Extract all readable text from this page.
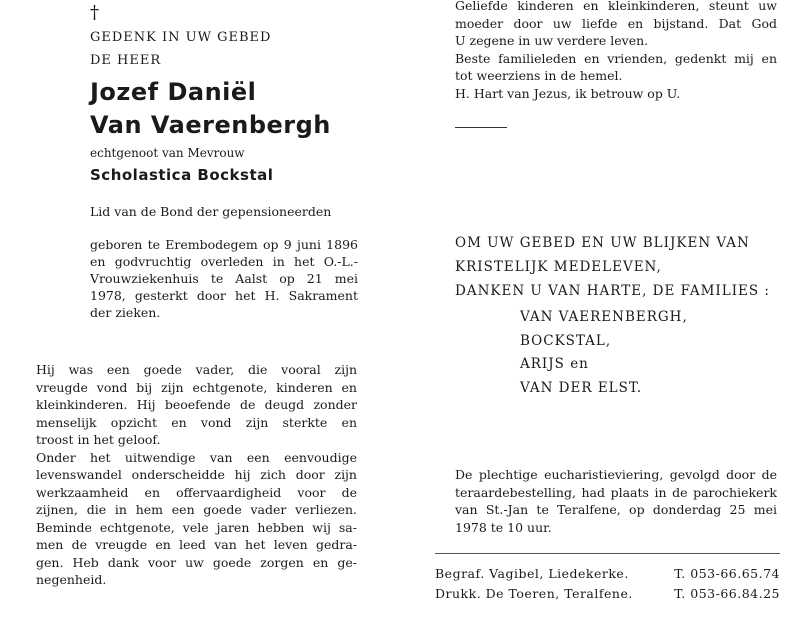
†
GEDENK IN UW GEBED
DE HEER
Jozef Daniël
Van Vaerenbergh
echtgenoot van Mevrouw
Scholastica Bockstal
Lid van de Bond der gepensioneerden
geboren te Erembodegem op 9 juni 1896
en godvruchtig overleden in het O.-L.-
Vrouwziekenhuis te Aalst op 21 mei
1978, gesterkt door het H. Sakrament
der zieken.
Hij was een goede vader, die vooral zijn
vreugde vond bij zijn echtgenote, kinderen en
kleinkinderen. Hij beoefende de deugd zonder
menselijk opzicht en vond zijn sterkte en
troost in het geloof.
Onder het uitwendige van een eenvoudige
levenswandel onderscheidde hij zich door zijn
werkzaamheid en offervaardigheid voor de
zijnen, die in hem een goede vader verliezen.
Beminde echtgenote, vele jaren hebben wij sa-
men de vreugde en leed van het leven gedra-
gen. Heb dank voor uw goede zorgen en ge-
negenheid.
Geliefde kinderen en kleinkinderen, steunt uw
moeder door uw liefde en bijstand. Dat God
U zegene in uw verdere leven.
Beste familieleden en vrienden, gedenkt mij en
tot weerziens in de hemel.
H. Hart van Jezus, ik betrouw op U.
OM UW GEBED EN UW BLIJKEN VAN
KRISTELIJK MEDELEVEN,
DANKEN U VAN HARTE, DE FAMILIES :
VAN VAERENBERGH,
BOCKSTAL,
ARIJS en
VAN DER ELST.
De plechtige eucharistieviering, gevolgd door de
teraardebestelling, had plaats in de parochiekerk
van St.-Jan te Teralfene, op donderdag 25 mei
1978 te 10 uur.
Begraf. Vagibel, Liedekerke.	T. 053-66.65.74
Drukk. De Toeren, Teralfene.	T. 053-66.84.25
